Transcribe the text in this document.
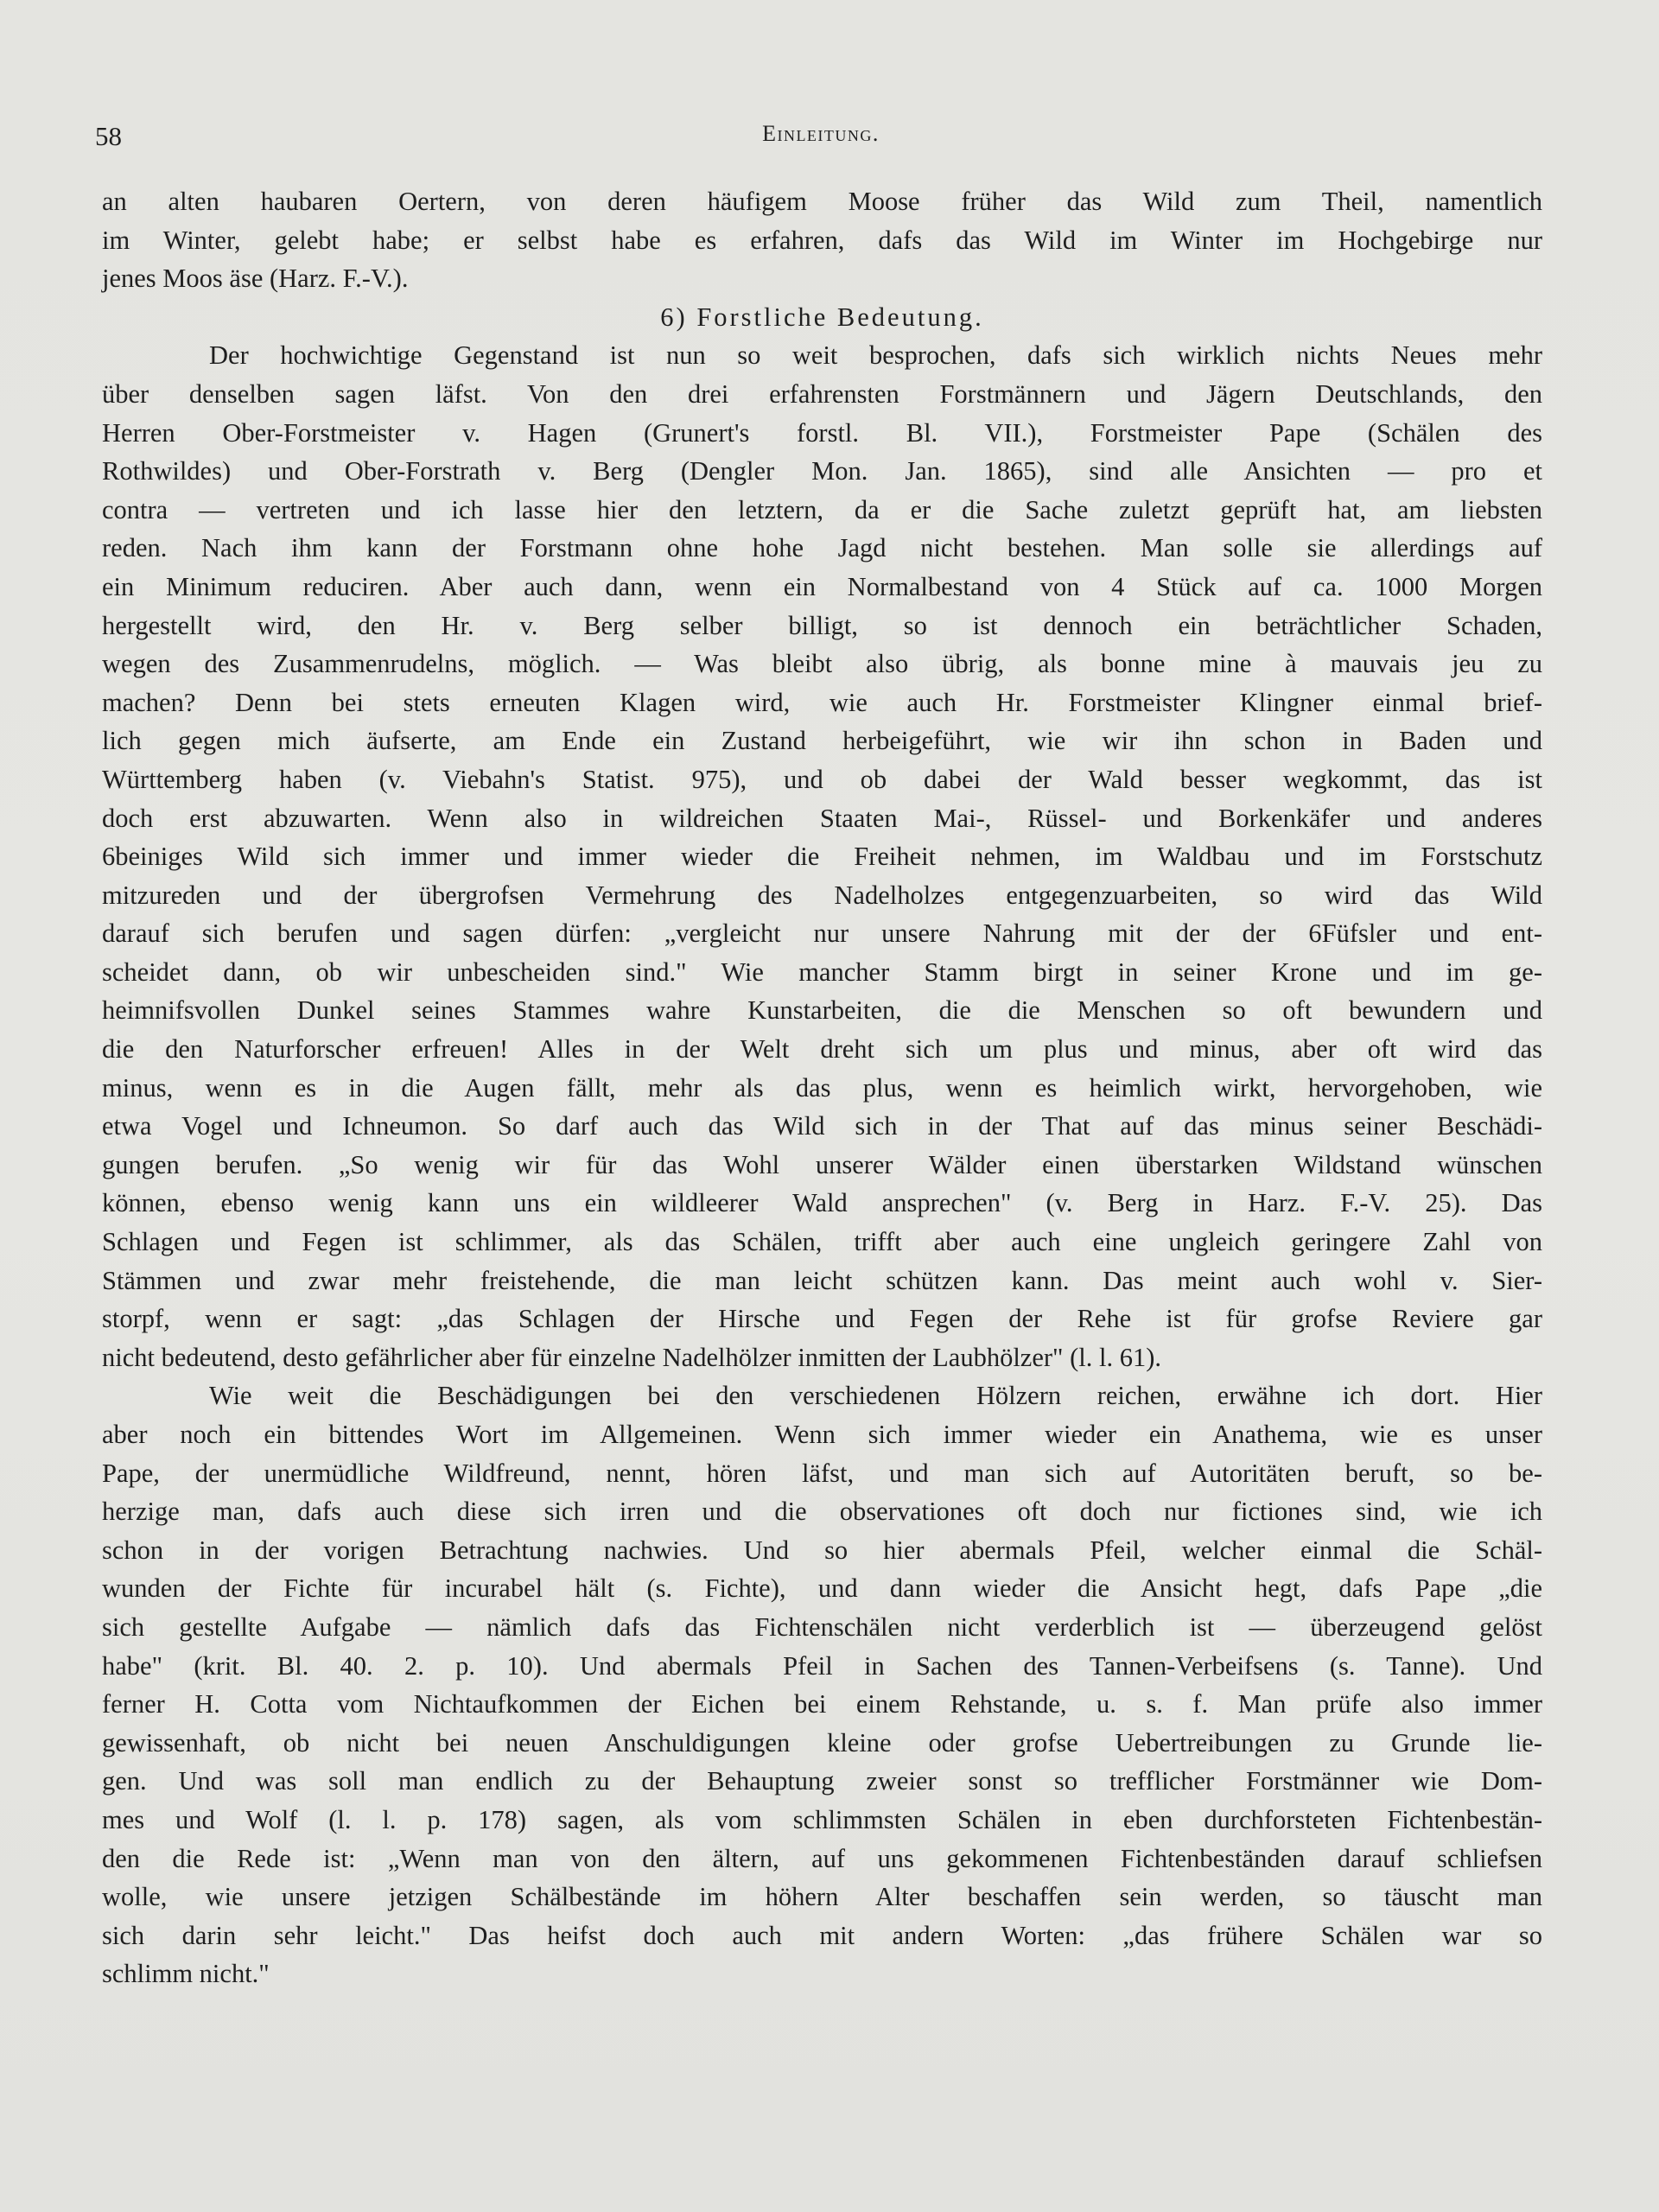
58	Einleitung.
an alten haubaren Oertern, von deren häufigem Moose früher das Wild zum Theil, namentlich
im Winter, gelebt habe; er selbst habe es erfahren, dafs das Wild im Winter im Hochgebirge nur
jenes Moos äse (Harz. F.-V.).
6) Forstliche Bedeutung.
Der hochwichtige Gegenstand ist nun so weit besprochen, dafs sich wirklich nichts Neues mehr
über denselben sagen läfst. Von den drei erfahrensten Forstmännern und Jägern Deutschlands, den
Herren Ober-Forstmeister v. Hagen (Grunert's forstl. Bl. VII.), Forstmeister Pape (Schälen des
Rothwildes) und Ober-Forstrath v. Berg (Dengler Mon. Jan. 1865), sind alle Ansichten — pro et
contra — vertreten und ich lasse hier den letztern, da er die Sache zuletzt geprüft hat, am liebsten
reden. Nach ihm kann der Forstmann ohne hohe Jagd nicht bestehen. Man solle sie allerdings auf
ein Minimum reduciren. Aber auch dann, wenn ein Normalbestand von 4 Stück auf ca. 1000 Morgen
hergestellt wird, den Hr. v. Berg selber billigt, so ist dennoch ein beträchtlicher Schaden,
wegen des Zusammenrudelns, möglich. — Was bleibt also übrig, als bonne mine à mauvais jeu zu
machen? Denn bei stets erneuten Klagen wird, wie auch Hr. Forstmeister Klingner einmal brief-
lich gegen mich äufserte, am Ende ein Zustand herbeigeführt, wie wir ihn schon in Baden und
Württemberg haben (v. Viebahn's Statist. 975), und ob dabei der Wald besser wegkommt, das ist
doch erst abzuwarten. Wenn also in wildreichen Staaten Mai-, Rüssel- und Borkenkäfer und anderes
6beiniges Wild sich immer und immer wieder die Freiheit nehmen, im Waldbau und im Forstschutz
mitzureden und der übergrofsen Vermehrung des Nadelholzes entgegenzuarbeiten, so wird das Wild
darauf sich berufen und sagen dürfen: „vergleicht nur unsere Nahrung mit der der 6Füfsler und ent-
scheidet dann, ob wir unbescheiden sind." Wie mancher Stamm birgt in seiner Krone und im ge-
heimnifsvollen Dunkel seines Stammes wahre Kunstarbeiten, die die Menschen so oft bewundern und
die den Naturforscher erfreuen! Alles in der Welt dreht sich um plus und minus, aber oft wird das
minus, wenn es in die Augen fällt, mehr als das plus, wenn es heimlich wirkt, hervorgehoben, wie
etwa Vogel und Ichneumon. So darf auch das Wild sich in der That auf das minus seiner Beschädi-
gungen berufen. „So wenig wir für das Wohl unserer Wälder einen überstarken Wildstand wünschen
können, ebenso wenig kann uns ein wildleerer Wald ansprechen" (v. Berg in Harz. F.-V. 25). Das
Schlagen und Fegen ist schlimmer, als das Schälen, trifft aber auch eine ungleich geringere Zahl von
Stämmen und zwar mehr freistehende, die man leicht schützen kann. Das meint auch wohl v. Sier-
storpf, wenn er sagt: „das Schlagen der Hirsche und Fegen der Rehe ist für grofse Reviere gar
nicht bedeutend, desto gefährlicher aber für einzelne Nadelhölzer inmitten der Laubhölzer" (l. l. 61).
Wie weit die Beschädigungen bei den verschiedenen Hölzern reichen, erwähne ich dort. Hier
aber noch ein bittendes Wort im Allgemeinen. Wenn sich immer wieder ein Anathema, wie es unser
Pape, der unermüdliche Wildfreund, nennt, hören läfst, und man sich auf Autoritäten beruft, so be-
herzige man, dafs auch diese sich irren und die observationes oft doch nur fictiones sind, wie ich
schon in der vorigen Betrachtung nachwies. Und so hier abermals Pfeil, welcher einmal die Schäl-
wunden der Fichte für incurabel hält (s. Fichte), und dann wieder die Ansicht hegt, dafs Pape „die
sich gestellte Aufgabe — nämlich dafs das Fichtenschälen nicht verderblich ist — überzeugend gelöst
habe" (krit. Bl. 40. 2. p. 10). Und abermals Pfeil in Sachen des Tannen-Verbeifsens (s. Tanne). Und
ferner H. Cotta vom Nichtaufkommen der Eichen bei einem Rehstande, u. s. f. Man prüfe also immer
gewissenhaft, ob nicht bei neuen Anschuldigungen kleine oder grofse Uebertreibungen zu Grunde lie-
gen. Und was soll man endlich zu der Behauptung zweier sonst so trefflicher Forstmänner wie Dom-
mes und Wolf (l. l. p. 178) sagen, als vom schlimmsten Schälen in eben durchforsteten Fichtenbestän-
den die Rede ist: „Wenn man von den ältern, auf uns gekommenen Fichtenbeständen darauf schliefsen
wolle, wie unsere jetzigen Schälbestände im höhern Alter beschaffen sein werden, so täuscht man
sich darin sehr leicht." Das heifst doch auch mit andern Worten: „das frühere Schälen war so
schlimm nicht."
